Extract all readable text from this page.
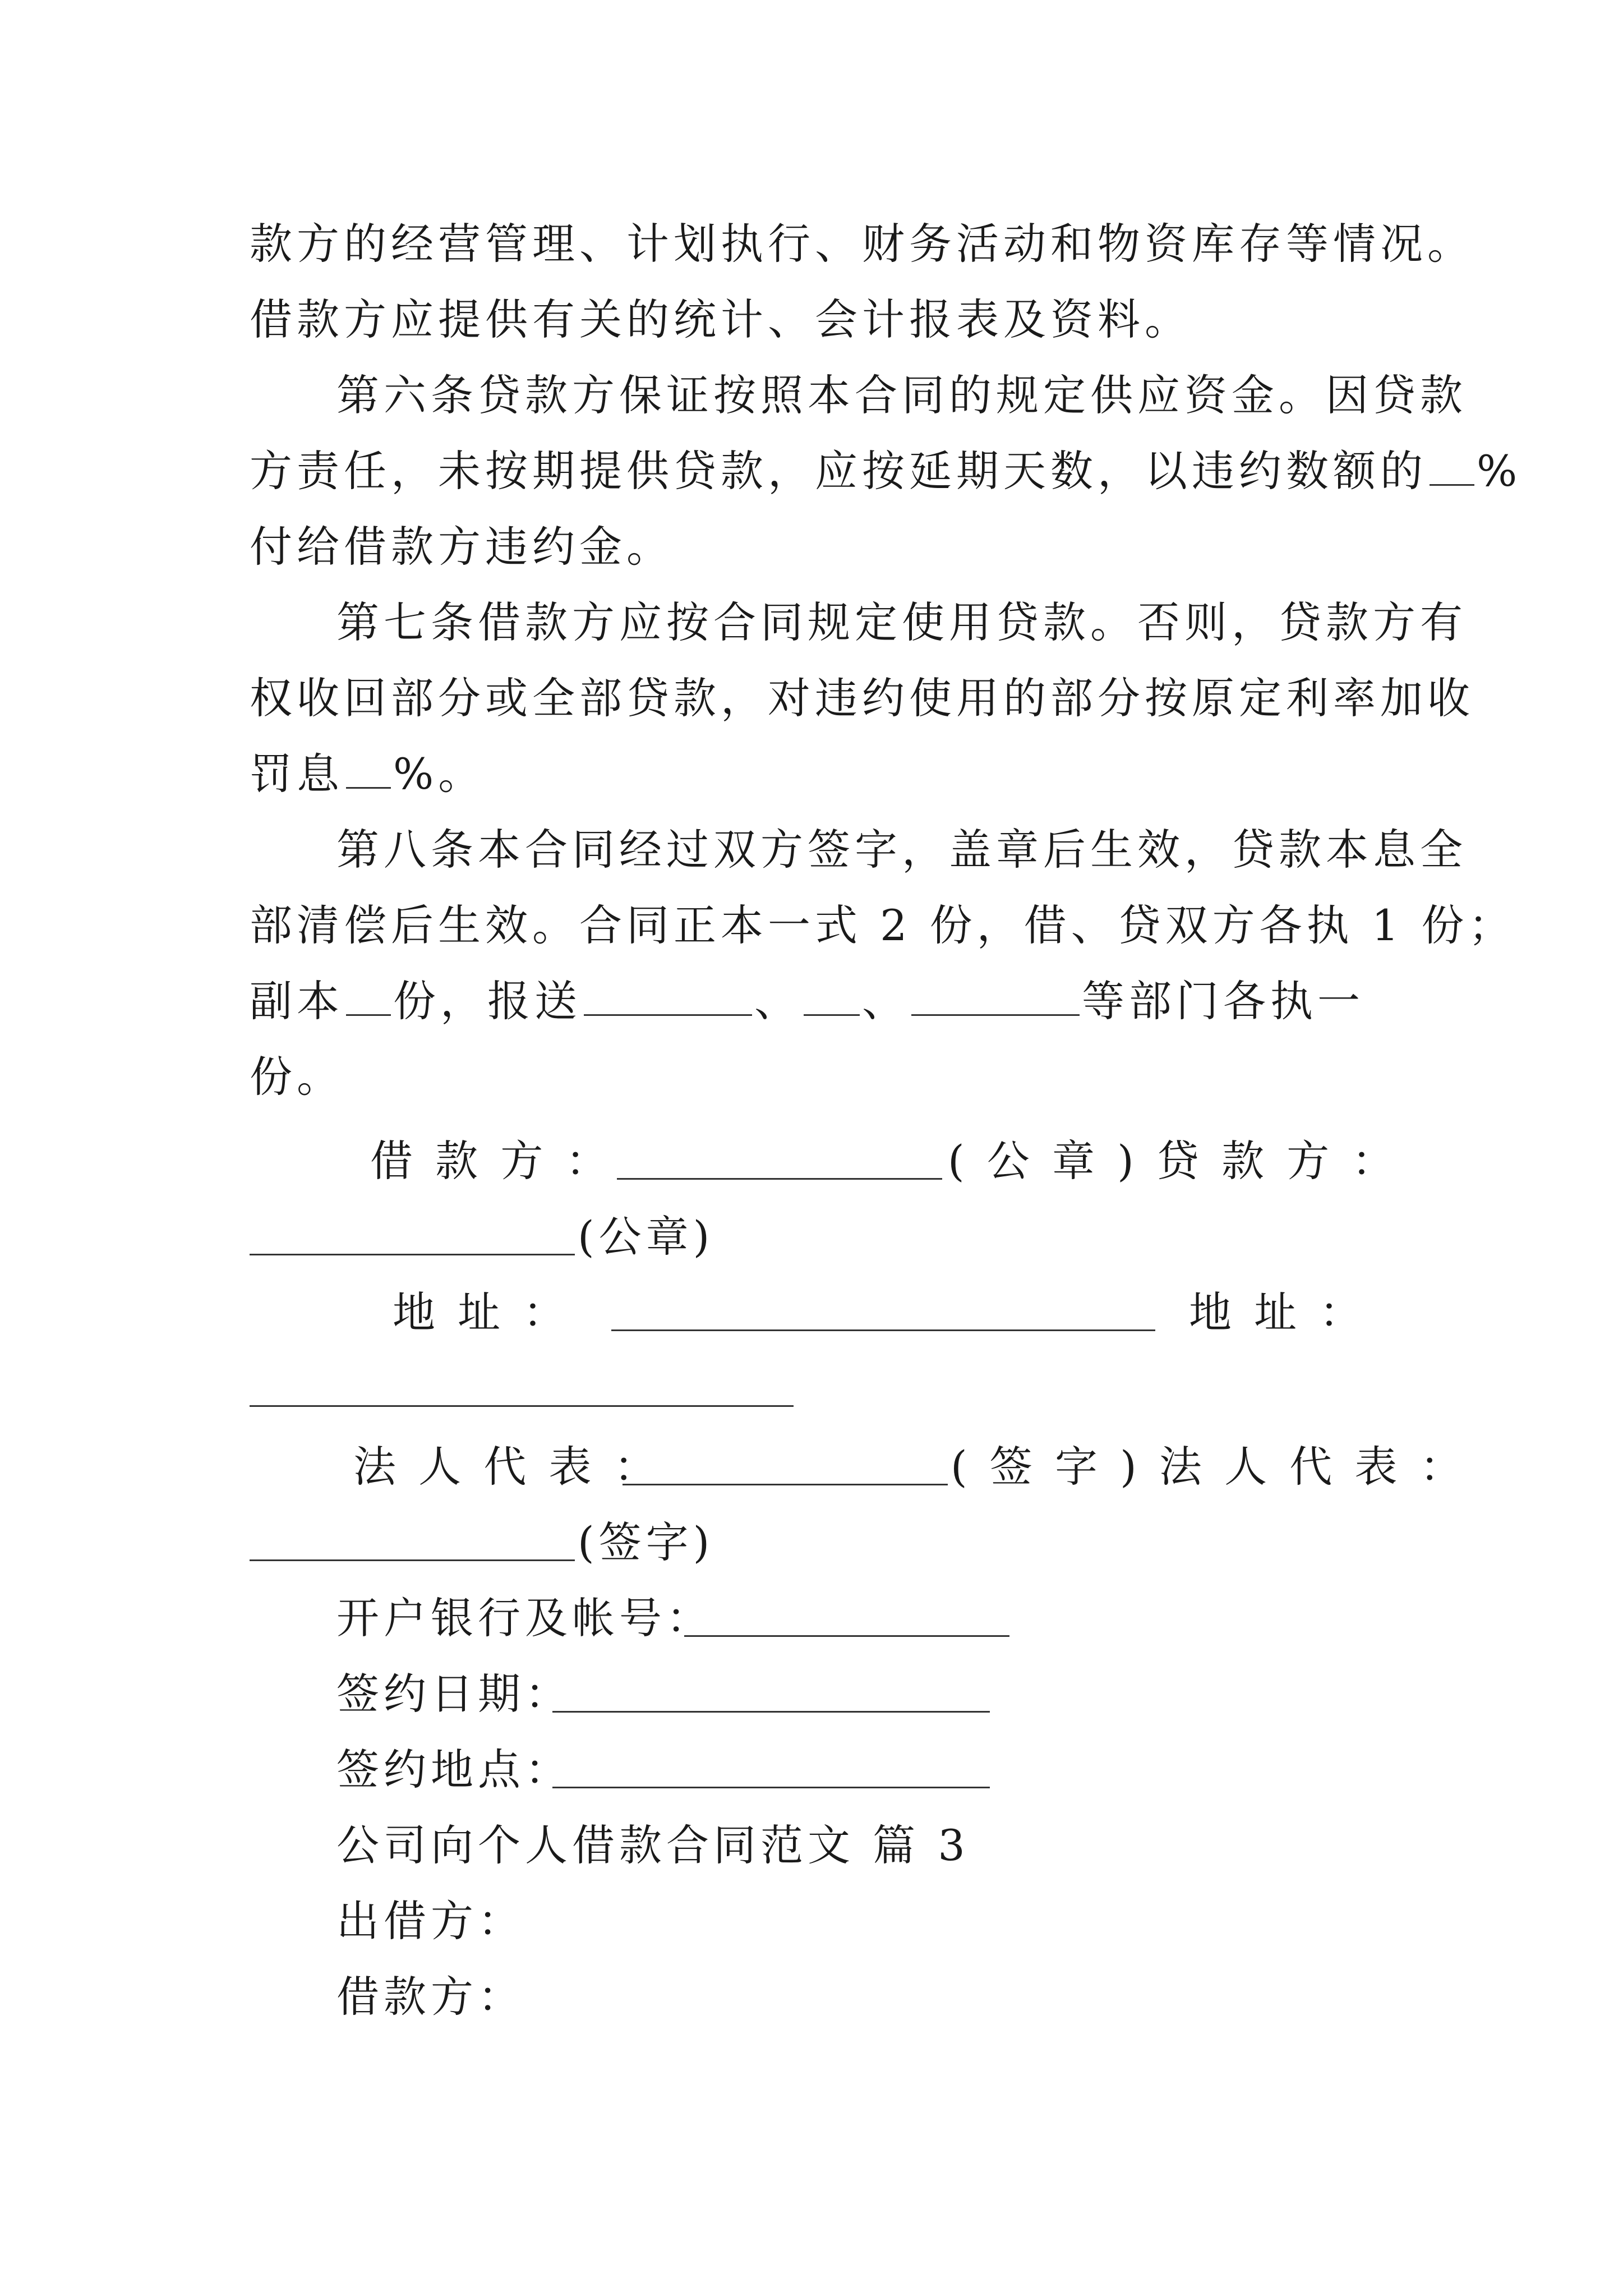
款方的经营管理、计划执行、财务活动和物资库存等情况。
借款方应提供有关的统计、会计报表及资料。
第六条贷款方保证按照本合同的规定供应资金。因贷款
方责任，未按期提供贷款，应按延期天数，以违约数额的 %
付给借款方违约金。
第七条借款方应按合同规定使用贷款。否则，贷款方有
权收回部分或全部贷款，对违约使用的部分按原定利率加收
罚息 %。
第八条本合同经过双方签字，盖章后生效，贷款本息全
部清偿后生效。合同正本一式 2 份，借、贷双方各执 1 份；
副本 份，报送	、 、	等部门各执一
份。
借 款 方 ：	( 公 章 ) 贷 款 方 ：
(公章)
地 址 ：	地 址 ：
法 人 代 表 ：	( 签 字 ) 法 人 代 表 ：
(签字)
开户银行及帐号：
签约日期：
签约地点：
公司向个人借款合同范文 篇 3
出借方：
借款方：
